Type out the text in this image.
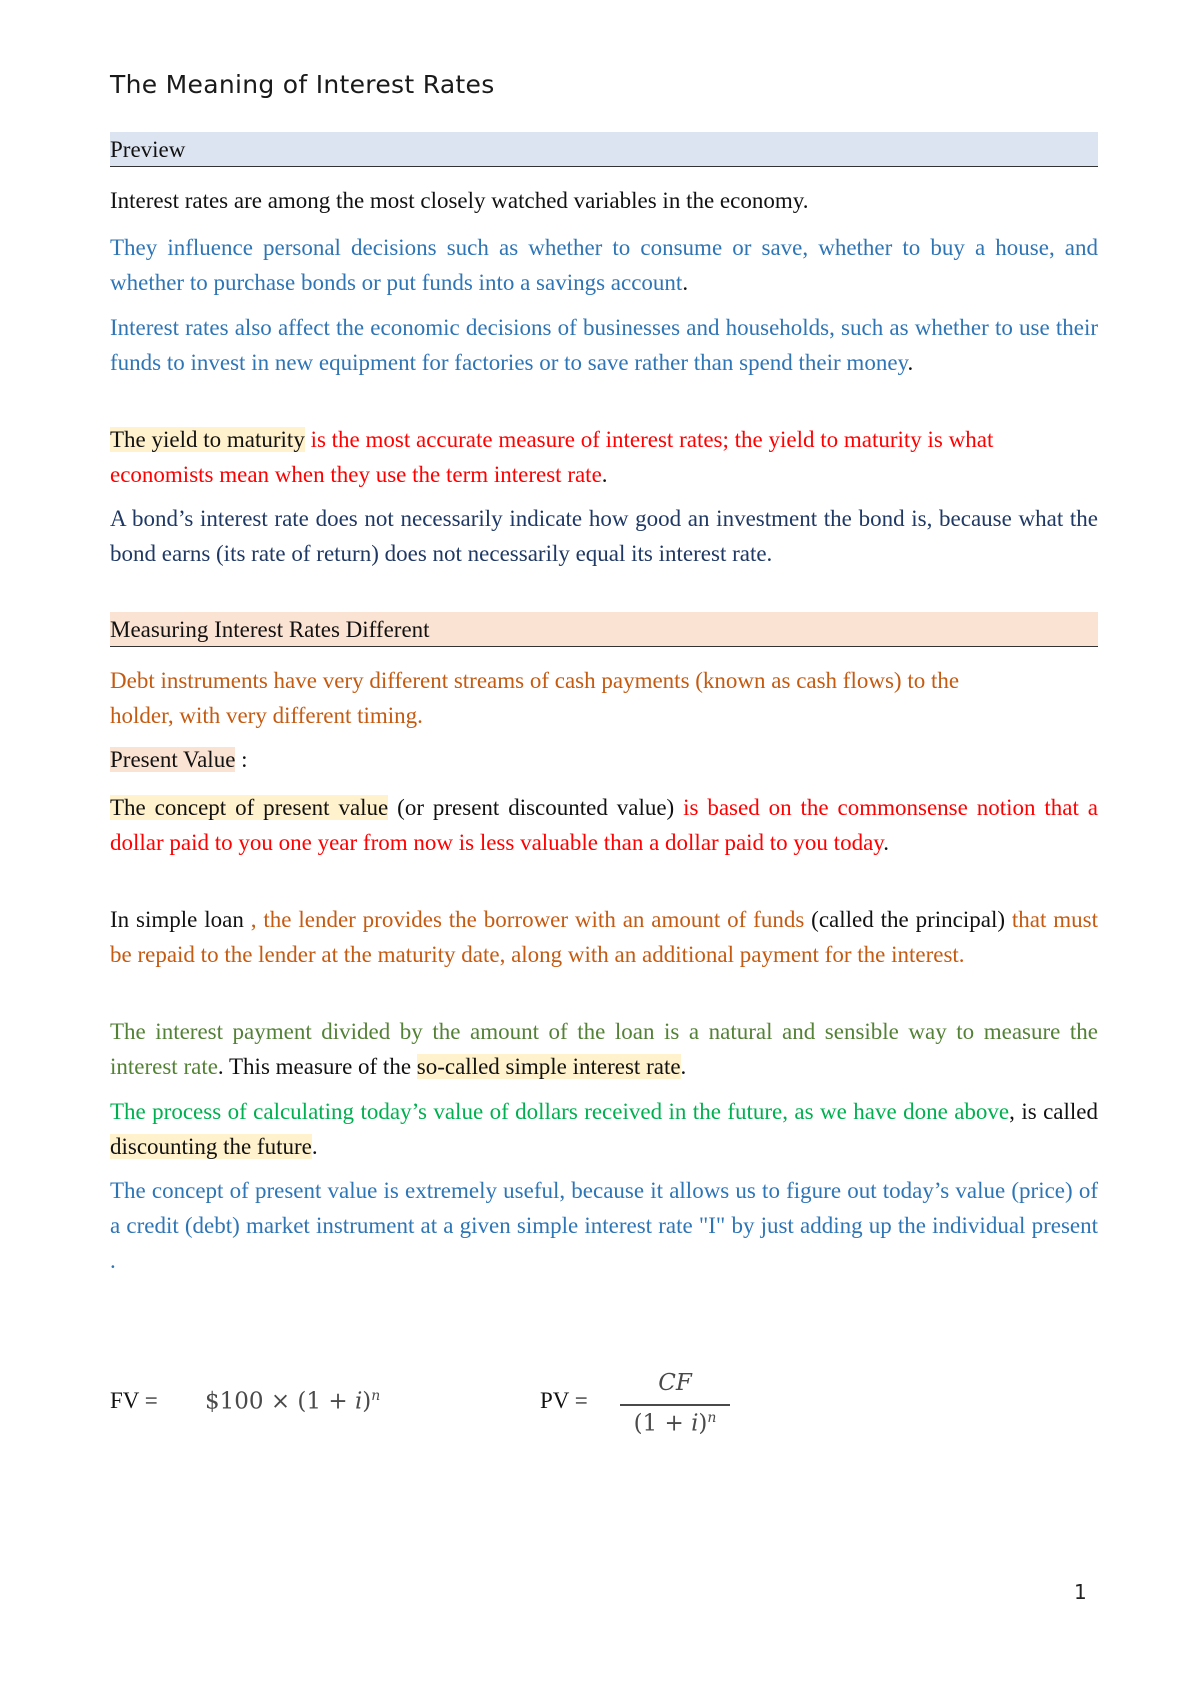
The Meaning of Interest Rates
Preview

Interest rates are among the most closely watched variables in the economy.

They influence personal decisions such as whether to consume or save, whether to buy a house, and whether to purchase bonds or put funds into a savings account.

Interest rates also affect the economic decisions of businesses and households, such as whether to use their funds to invest in new equipment for factories or to save rather than spend their money.

The yield to maturity is the most accurate measure of interest rates; the yield to maturity is what economists mean when they use the term interest rate.

A bond’s interest rate does not necessarily indicate how good an investment the bond is, because what the bond earns (its rate of return) does not necessarily equal its interest rate.

Measuring Interest Rates Different

Debt instruments have very different streams of cash payments (known as cash flows) to the holder, with very different timing.

Present Value :

The concept of present value (or present discounted value) is based on the commonsense notion that a dollar paid to you one year from now is less valuable than a dollar paid to you today.

In simple loan , the lender provides the borrower with an amount of funds (called the principal) that must be repaid to the lender at the maturity date, along with an additional payment for the interest.

The interest payment divided by the amount of the loan is a natural and sensible way to measure the interest rate. This measure of the so-called simple interest rate.

The process of calculating today’s value of dollars received in the future, as we have done above, is called discounting the future.

The concept of present value is extremely useful, because it allows us to figure out today’s value (price) of a credit (debt) market instrument at a given simple interest rate "I" by just adding up the individual present .

FV = $100 × $(1 + i)^n$	PV =
CF
$(1 + i)^n$
1
